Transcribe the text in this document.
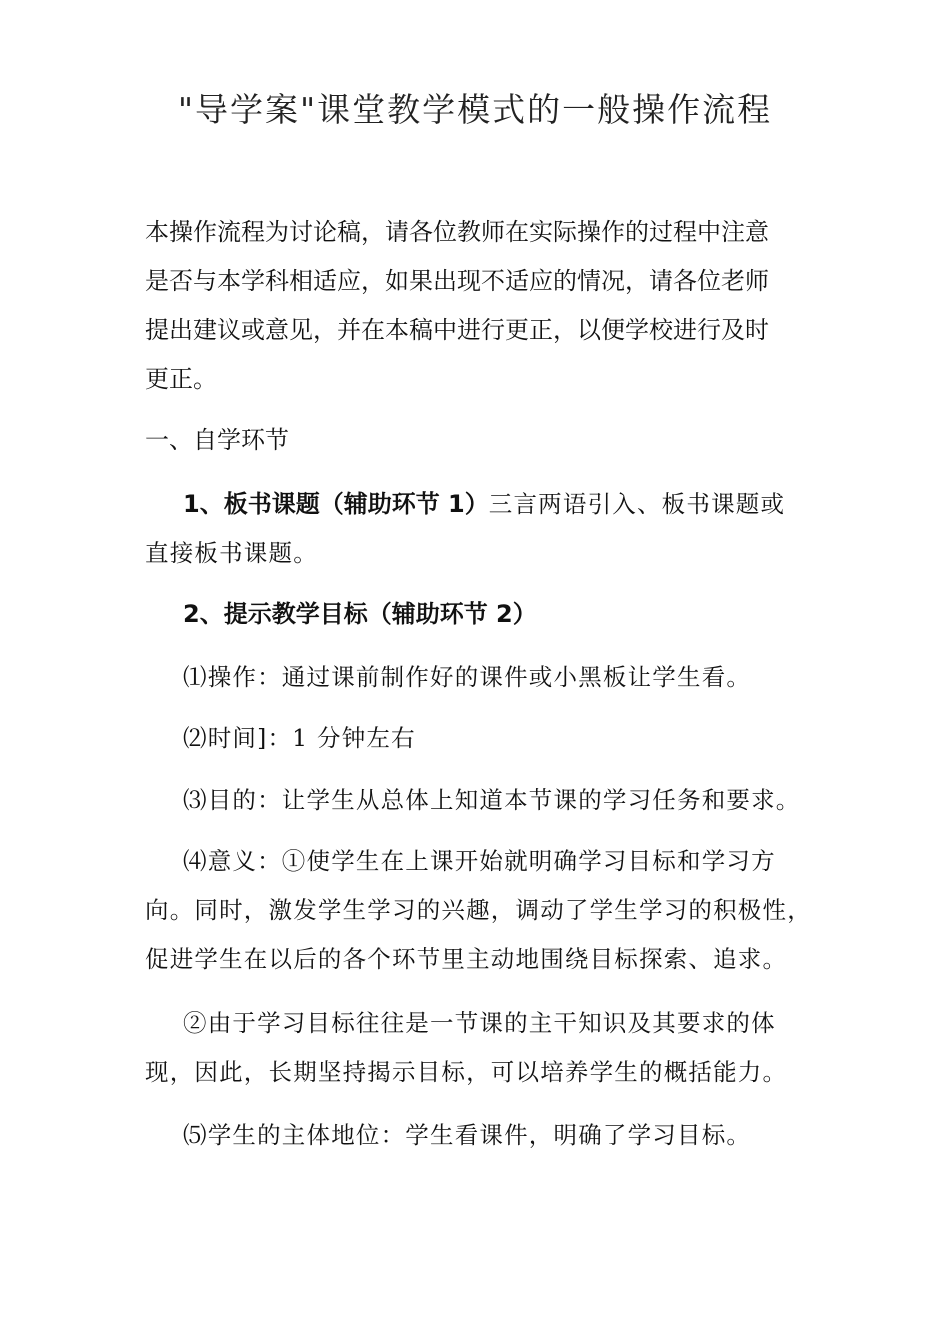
"导学案"课堂教学模式的一般操作流程
本操作流程为讨论稿，请各位教师在实际操作的过程中注意
是否与本学科相适应，如果出现不适应的情况，请各位老师
提出建议或意见，并在本稿中进行更正，以便学校进行及时
更正。
一、自学环节
1、板书课题（辅助环节 1）三言两语引入、板书课题或
直接板书课题。
2、提示教学目标（辅助环节 2）
⑴操作：通过课前制作好的课件或小黑板让学生看。
⑵时间]：1 分钟左右
⑶目的：让学生从总体上知道本节课的学习任务和要求。
⑷意义：①使学生在上课开始就明确学习目标和学习方
向。同时，激发学生学习的兴趣，调动了学生学习的积极性，
促进学生在以后的各个环节里主动地围绕目标探索、追求。
②由于学习目标往往是一节课的主干知识及其要求的体
现，因此，长期坚持揭示目标，可以培养学生的概括能力。
⑸学生的主体地位：学生看课件，明确了学习目标。
